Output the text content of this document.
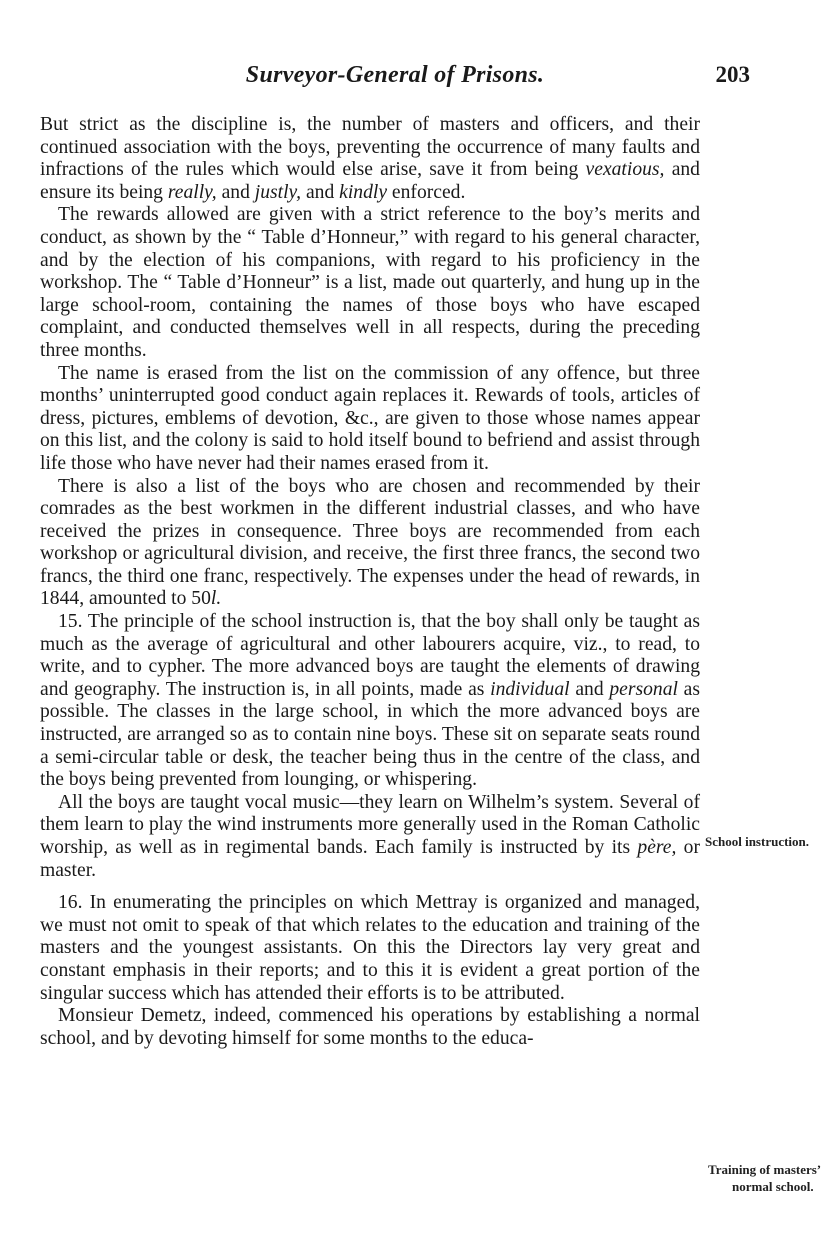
Surveyor-General of Prisons.	203

But strict as the discipline is, the number of masters and officers, and their continued association with the boys, preventing the occurrence of many faults and infractions of the rules which would else arise, save it from being vexatious, and ensure its being really, and justly, and kindly enforced.

The rewards allowed are given with a strict reference to the boy’s merits and conduct, as shown by the “ Table d’Honneur,” with regard to his general character, and by the election of his companions, with regard to his proficiency in the workshop. The “ Table d’Honneur” is a list, made out quarterly, and hung up in the large school-room, containing the names of those boys who have escaped complaint, and conducted themselves well in all respects, during the preceding three months.

The name is erased from the list on the commission of any offence, but three months’ uninterrupted good conduct again replaces it. Rewards of tools, articles of dress, pictures, emblems of devotion, &c., are given to those whose names appear on this list, and the colony is said to hold itself bound to befriend and assist through life those who have never had their names erased from it.

There is also a list of the boys who are chosen and recommended by their comrades as the best workmen in the different industrial classes, and who have received the prizes in consequence. Three boys are recommended from each workshop or agricultural division, and receive, the first three francs, the second two francs, the third one franc, respectively. The expenses under the head of rewards, in 1844, amounted to 50l.

15. The principle of the school instruction is, that the boy shall only be taught as much as the average of agricultural and other labourers acquire, viz., to read, to write, and to cypher. The more advanced boys are taught the elements of drawing and geography. The instruction is, in all points, made as individual and personal as possible. The classes in the large school, in which the more advanced boys are instructed, are arranged so as to contain nine boys. These sit on separate seats round a semi-circular table or desk, the teacher being thus in the centre of the class, and the boys being prevented from lounging, or whispering.

All the boys are taught vocal music—they learn on Wilhelm’s system. Several of them learn to play the wind instruments more generally used in the Roman Catholic worship, as well as in regimental bands. Each family is instructed by its père, or master.

16. In enumerating the principles on which Mettray is organized and managed, we must not omit to speak of that which relates to the education and training of the masters and the youngest assistants. On this the Directors lay very great and constant emphasis in their reports; and to this it is evident a great portion of the singular success which has attended their efforts is to be attributed.

Monsieur Demetz, indeed, commenced his operations by establishing a normal school, and by devoting himself for some months to the educa-

School instruction.
Training of masters’
normal school.
